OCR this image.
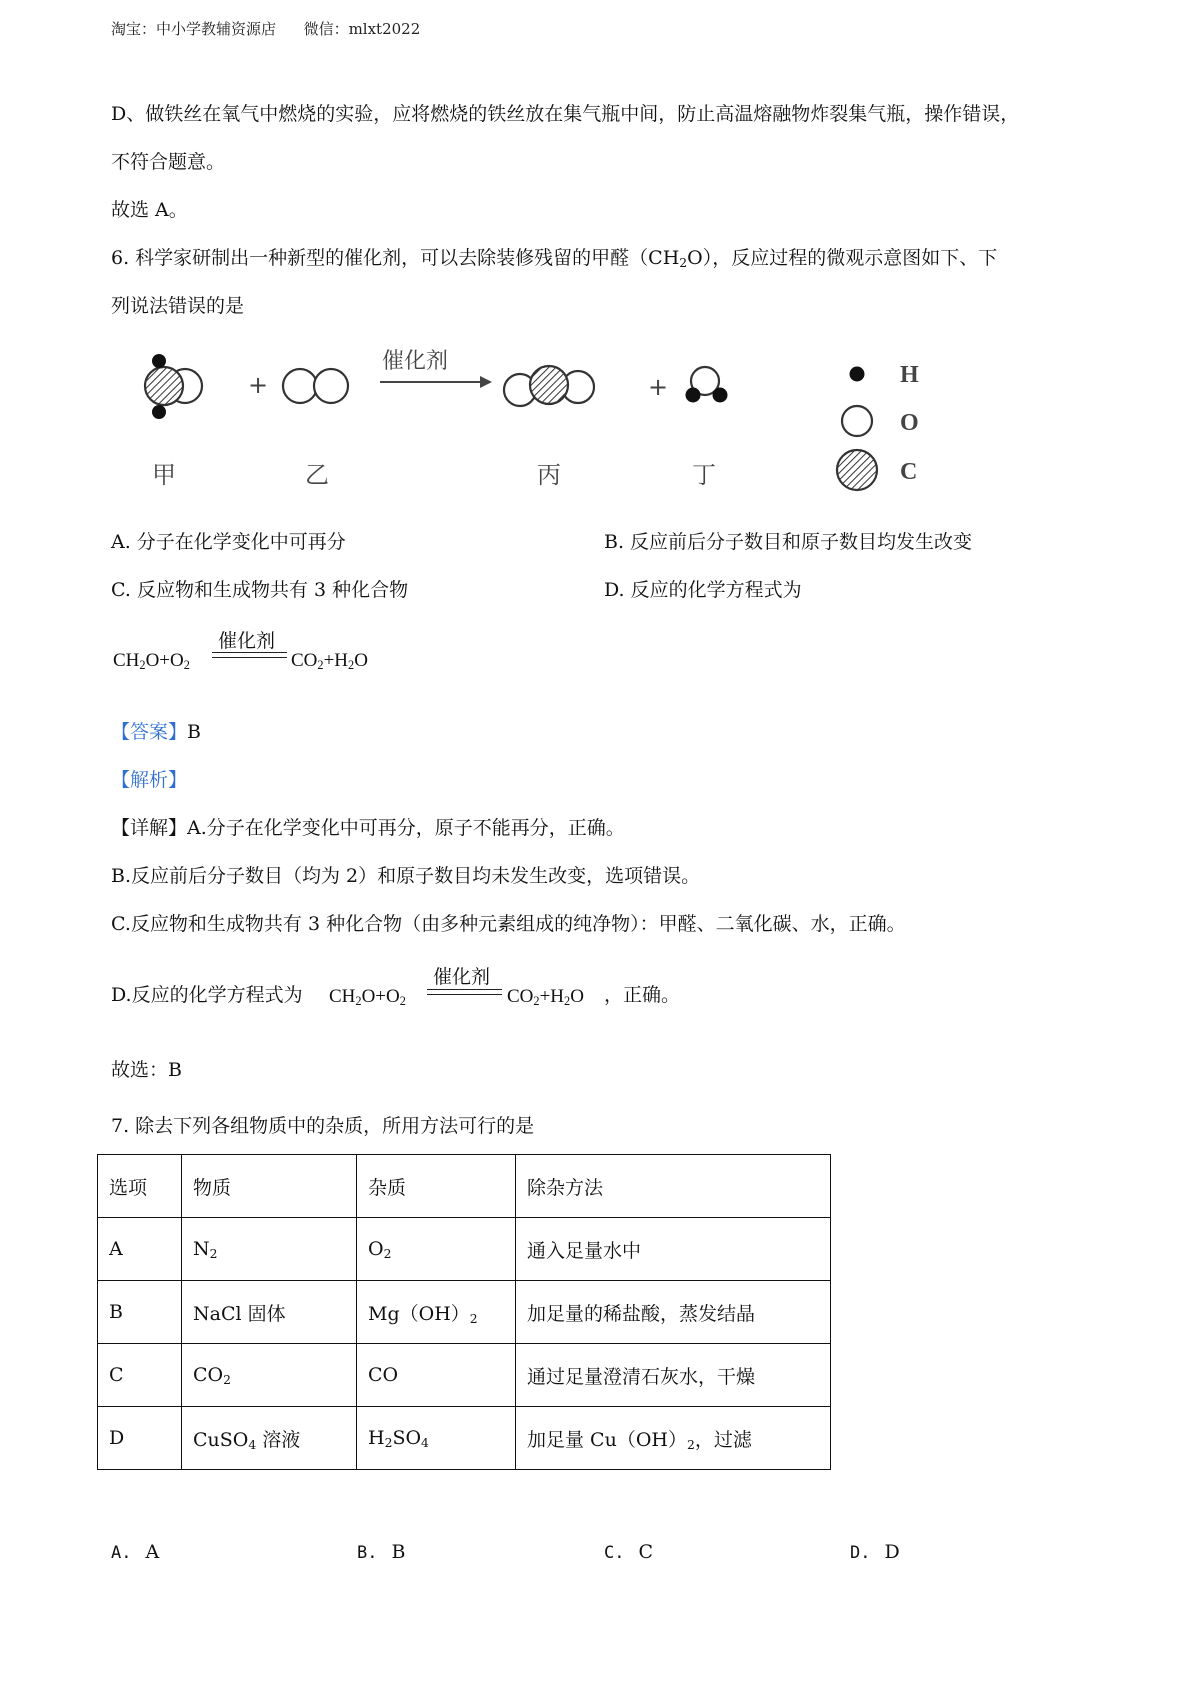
淘宝：中小学教辅资源店 微信：mlxt2022
D、做铁丝在氧气中燃烧的实验，应将燃烧的铁丝放在集气瓶中间，防止高温熔融物炸裂集气瓶，操作错误，
不符合题意。
故选 A。
6. 科学家研制出一种新型的催化剂，可以去除装修残留的甲醛$(CH_2O)$，反应过程的微观示意图如下、下
列说法错误的是
+
催化剂
+
甲	乙	丙	丁
H
O
C
A. 分子在化学变化中可再分	B. 反应前后分子数目和原子数目均发生改变
C. 反应物和生成物共有 3 种化合物	D. 反应的化学方程式为
催化剂
$CH_2O+O_2$	$CO_2+H_2O$
【答案】B
【解析】
【详解】A.分子在化学变化中可再分，原子不能再分，正确。
B.反应前后分子数目（均为 2）和原子数目均未发生改变，选项错误。
C.反应物和生成物共有 3 种化合物（由多种元素组成的纯净物）：甲醛、二氧化碳、水，正确。
D.反应的化学方程式为
催化剂
$CH_2O+O_2$	$CO_2+H_2O$ ，正确。
故选：B
7. 除去下列各组物质中的杂质，所用方法可行的是
选项	物质	杂质	除杂方法
A	$N_2$	$O_2$	通入足量水中
B	NaCl 固体	$Mg(OH)_2$	加足量的稀盐酸，蒸发结晶
C	$CO_2$	CO	通过足量澄清石灰水，干燥
D	CuSO$_4$ 溶液	$H_2SO_4$	加足量 $Cu(OH)_2$，过滤
A. A	B. B	C. C	D. D
